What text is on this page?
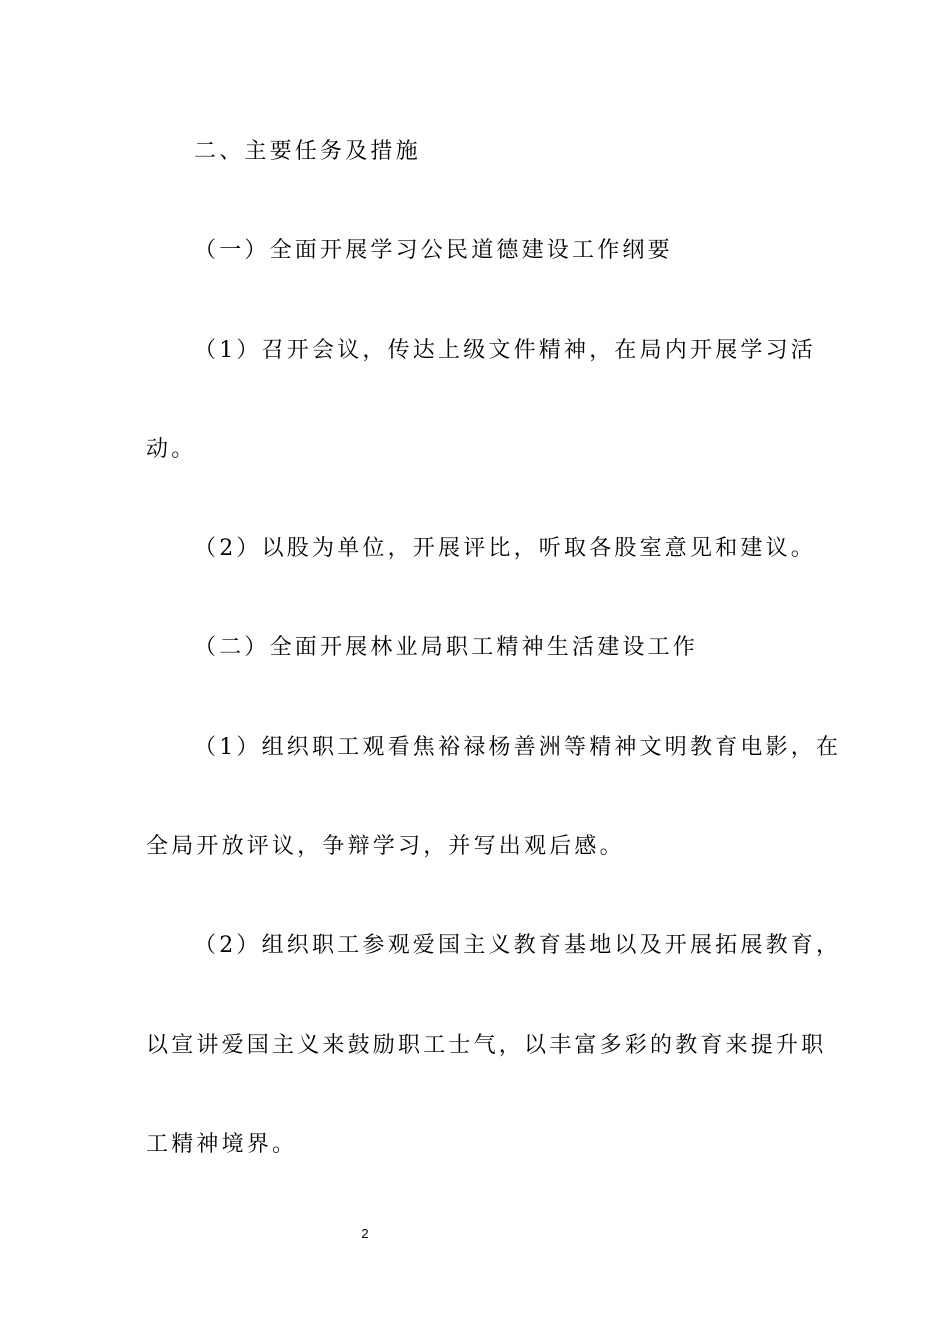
二、主要任务及措施
（一）全面开展学习公民道德建设工作纲要
（1）召开会议，传达上级文件精神，在局内开展学习活
动。
（2）以股为单位，开展评比，听取各股室意见和建议。
（二）全面开展林业局职工精神生活建设工作
（1）组织职工观看焦裕禄杨善洲等精神文明教育电影，在
全局开放评议，争辩学习，并写出观后感。
（2）组织职工参观爱国主义教育基地以及开展拓展教育，
以宣讲爱国主义来鼓励职工士气，以丰富多彩的教育来提升职
工精神境界。
2
